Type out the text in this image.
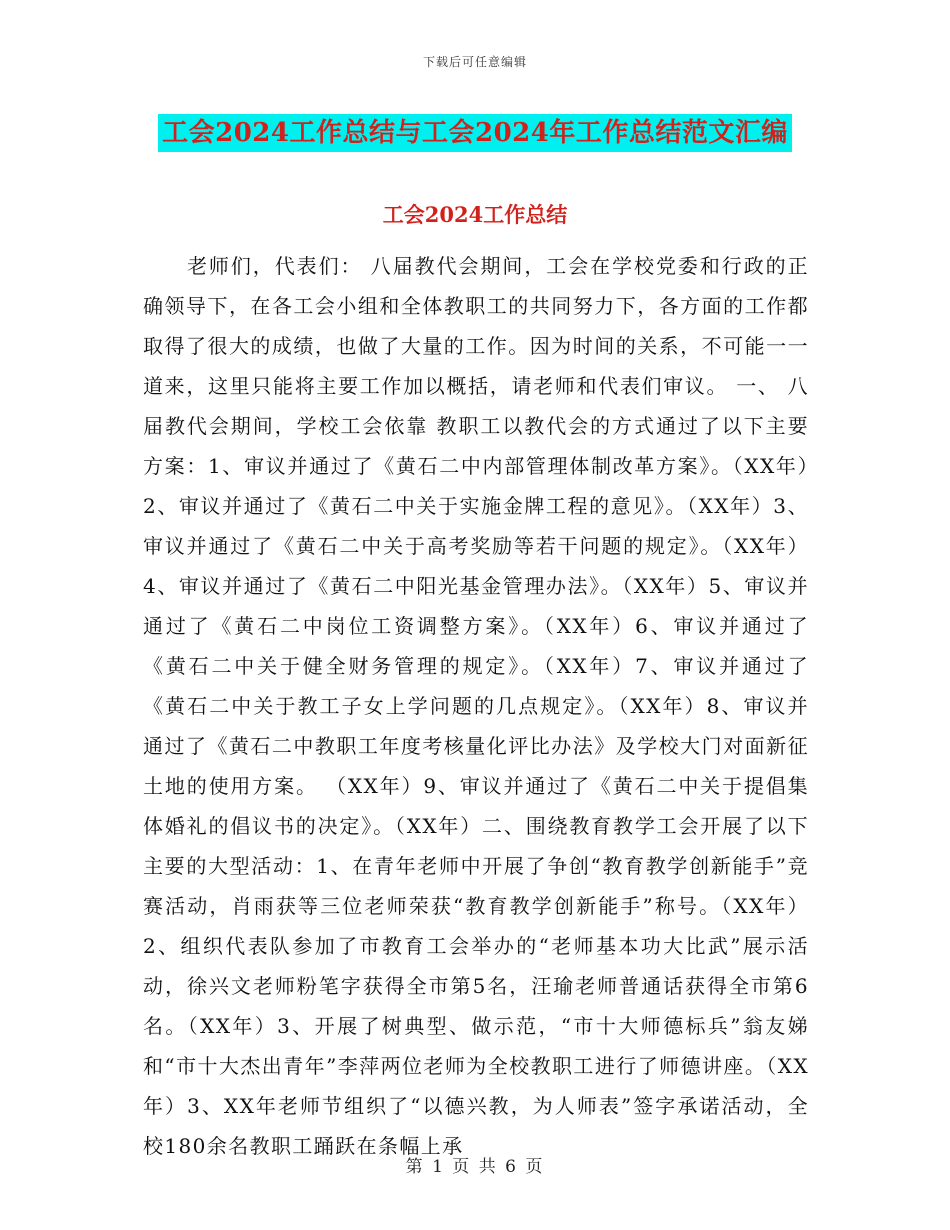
下载后可任意编辑
工会2024工作总结与工会2024年工作总结范文汇编
工会2024工作总结

老师们，代表们： 八届教代会期间，工会在学校党委和行政的正确领导下，在各工会小组和全体教职工的共同努力下，各方面的工作都取得了很大的成绩，也做了大量的工作。因为时间的关系，不可能一一道来，这里只能将主要工作加以概括，请老师和代表们审议。 一、 八届教代会期间，学校工会依靠 教职工以教代会的方式通过了以下主要方案：1、审议并通过了《黄石二中内部管理体制改革方案》。（XX年）2、审议并通过了《黄石二中关于实施金牌工程的意见》。（XX年）3、审议并通过了《黄石二中关于高考奖励等若干问题的规定》。（XX年）4、审议并通过了《黄石二中阳光基金管理办法》。（XX年）5、审议并通过了《黄石二中岗位工资调整方案》。（XX年）6、审议并通过了《黄石二中关于健全财务管理的规定》。（XX年）7、审议并通过了《黄石二中关于教工子女上学问题的几点规定》。（XX年）8、审议并通过了《黄石二中教职工年度考核量化评比办法》及学校大门对面新征土地的使用方案。 （XX年）9、审议并通过了《黄石二中关于提倡集体婚礼的倡议书的决定》。（XX年）二、围绕教育教学工会开展了以下主要的大型活动：1、在青年老师中开展了争创“教育教学创新能手”竞赛活动，肖雨获等三位老师荣获“教育教学创新能手”称号。（XX年）2、组织代表队参加了市教育工会举办的“老师基本功大比武”展示活动，徐兴文老师粉笔字获得全市第5名，汪瑜老师普通话获得全市第6名。（XX年）3、开展了树典型、做示范，“市十大师德标兵”翁友娣和“市十大杰出青年”李萍两位老师为全校教职工进行了师德讲座。（XX年）3、XX年老师节组织了“以德兴教，为人师表”签字承诺活动，全校180余名教职工踊跃在条幅上承

第 1 页 共 6 页
